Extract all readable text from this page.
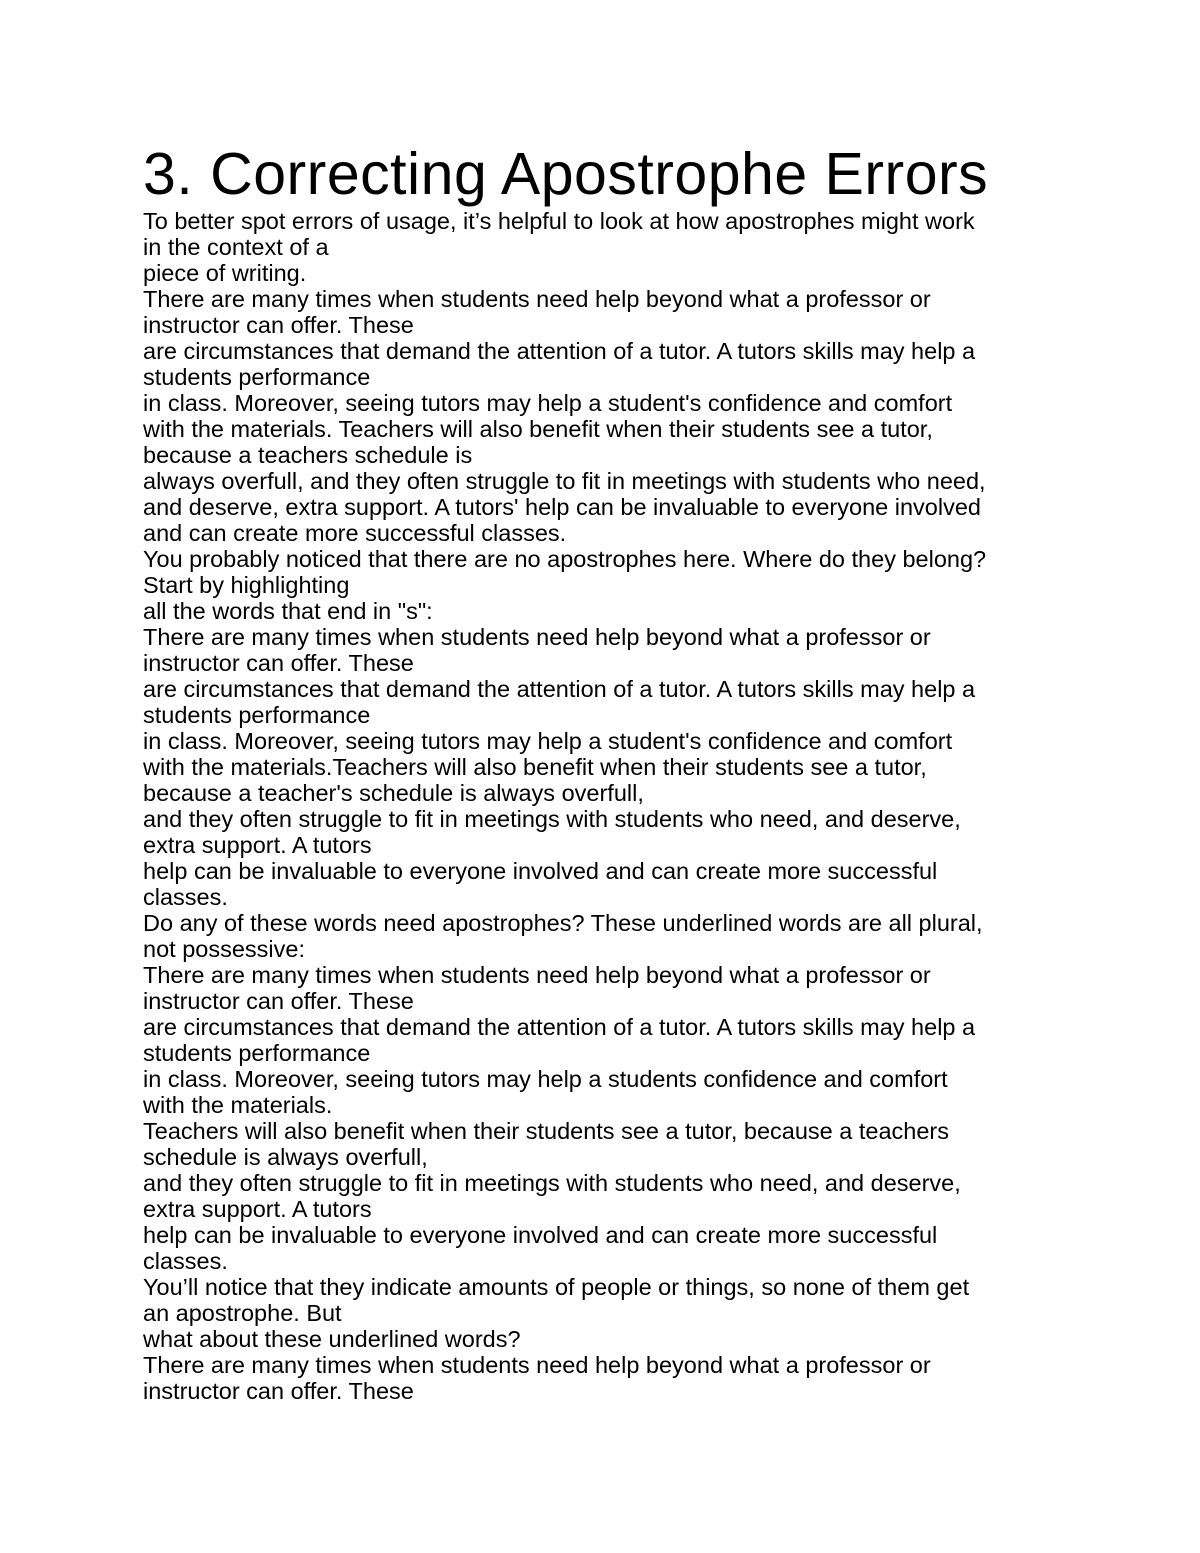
3. Correcting Apostrophe Errors
To better spot errors of usage, it’s helpful to look at how apostrophes might work
in the context of a
piece of writing.
There are many times when students need help beyond what a professor or
instructor can offer. These
are circumstances that demand the attention of a tutor. A tutors skills may help a
students performance
in class. Moreover, seeing tutors may help a student's confidence and comfort
with the materials. Teachers will also benefit when their students see a tutor,
because a teachers schedule is
always overfull, and they often struggle to fit in meetings with students who need,
and deserve, extra support. A tutors' help can be invaluable to everyone involved
and can create more successful classes.
You probably noticed that there are no apostrophes here. Where do they belong?
Start by highlighting
all the words that end in "s":
There are many times when students need help beyond what a professor or
instructor can offer. These
are circumstances that demand the attention of a tutor. A tutors skills may help a
students performance
in class. Moreover, seeing tutors may help a student's confidence and comfort
with the materials.Teachers will also benefit when their students see a tutor,
because a teacher's schedule is always overfull,
and they often struggle to fit in meetings with students who need, and deserve,
extra support. A tutors
help can be invaluable to everyone involved and can create more successful
classes.
Do any of these words need apostrophes? These underlined words are all plural,
not possessive:
There are many times when students need help beyond what a professor or
instructor can offer. These
are circumstances that demand the attention of a tutor. A tutors skills may help a
students performance
in class. Moreover, seeing tutors may help a students confidence and comfort
with the materials.
Teachers will also benefit when their students see a tutor, because a teachers
schedule is always overfull,
and they often struggle to fit in meetings with students who need, and deserve,
extra support. A tutors
help can be invaluable to everyone involved and can create more successful
classes.
You’ll notice that they indicate amounts of people or things, so none of them get
an apostrophe. But
what about these underlined words?
There are many times when students need help beyond what a professor or
instructor can offer. These
